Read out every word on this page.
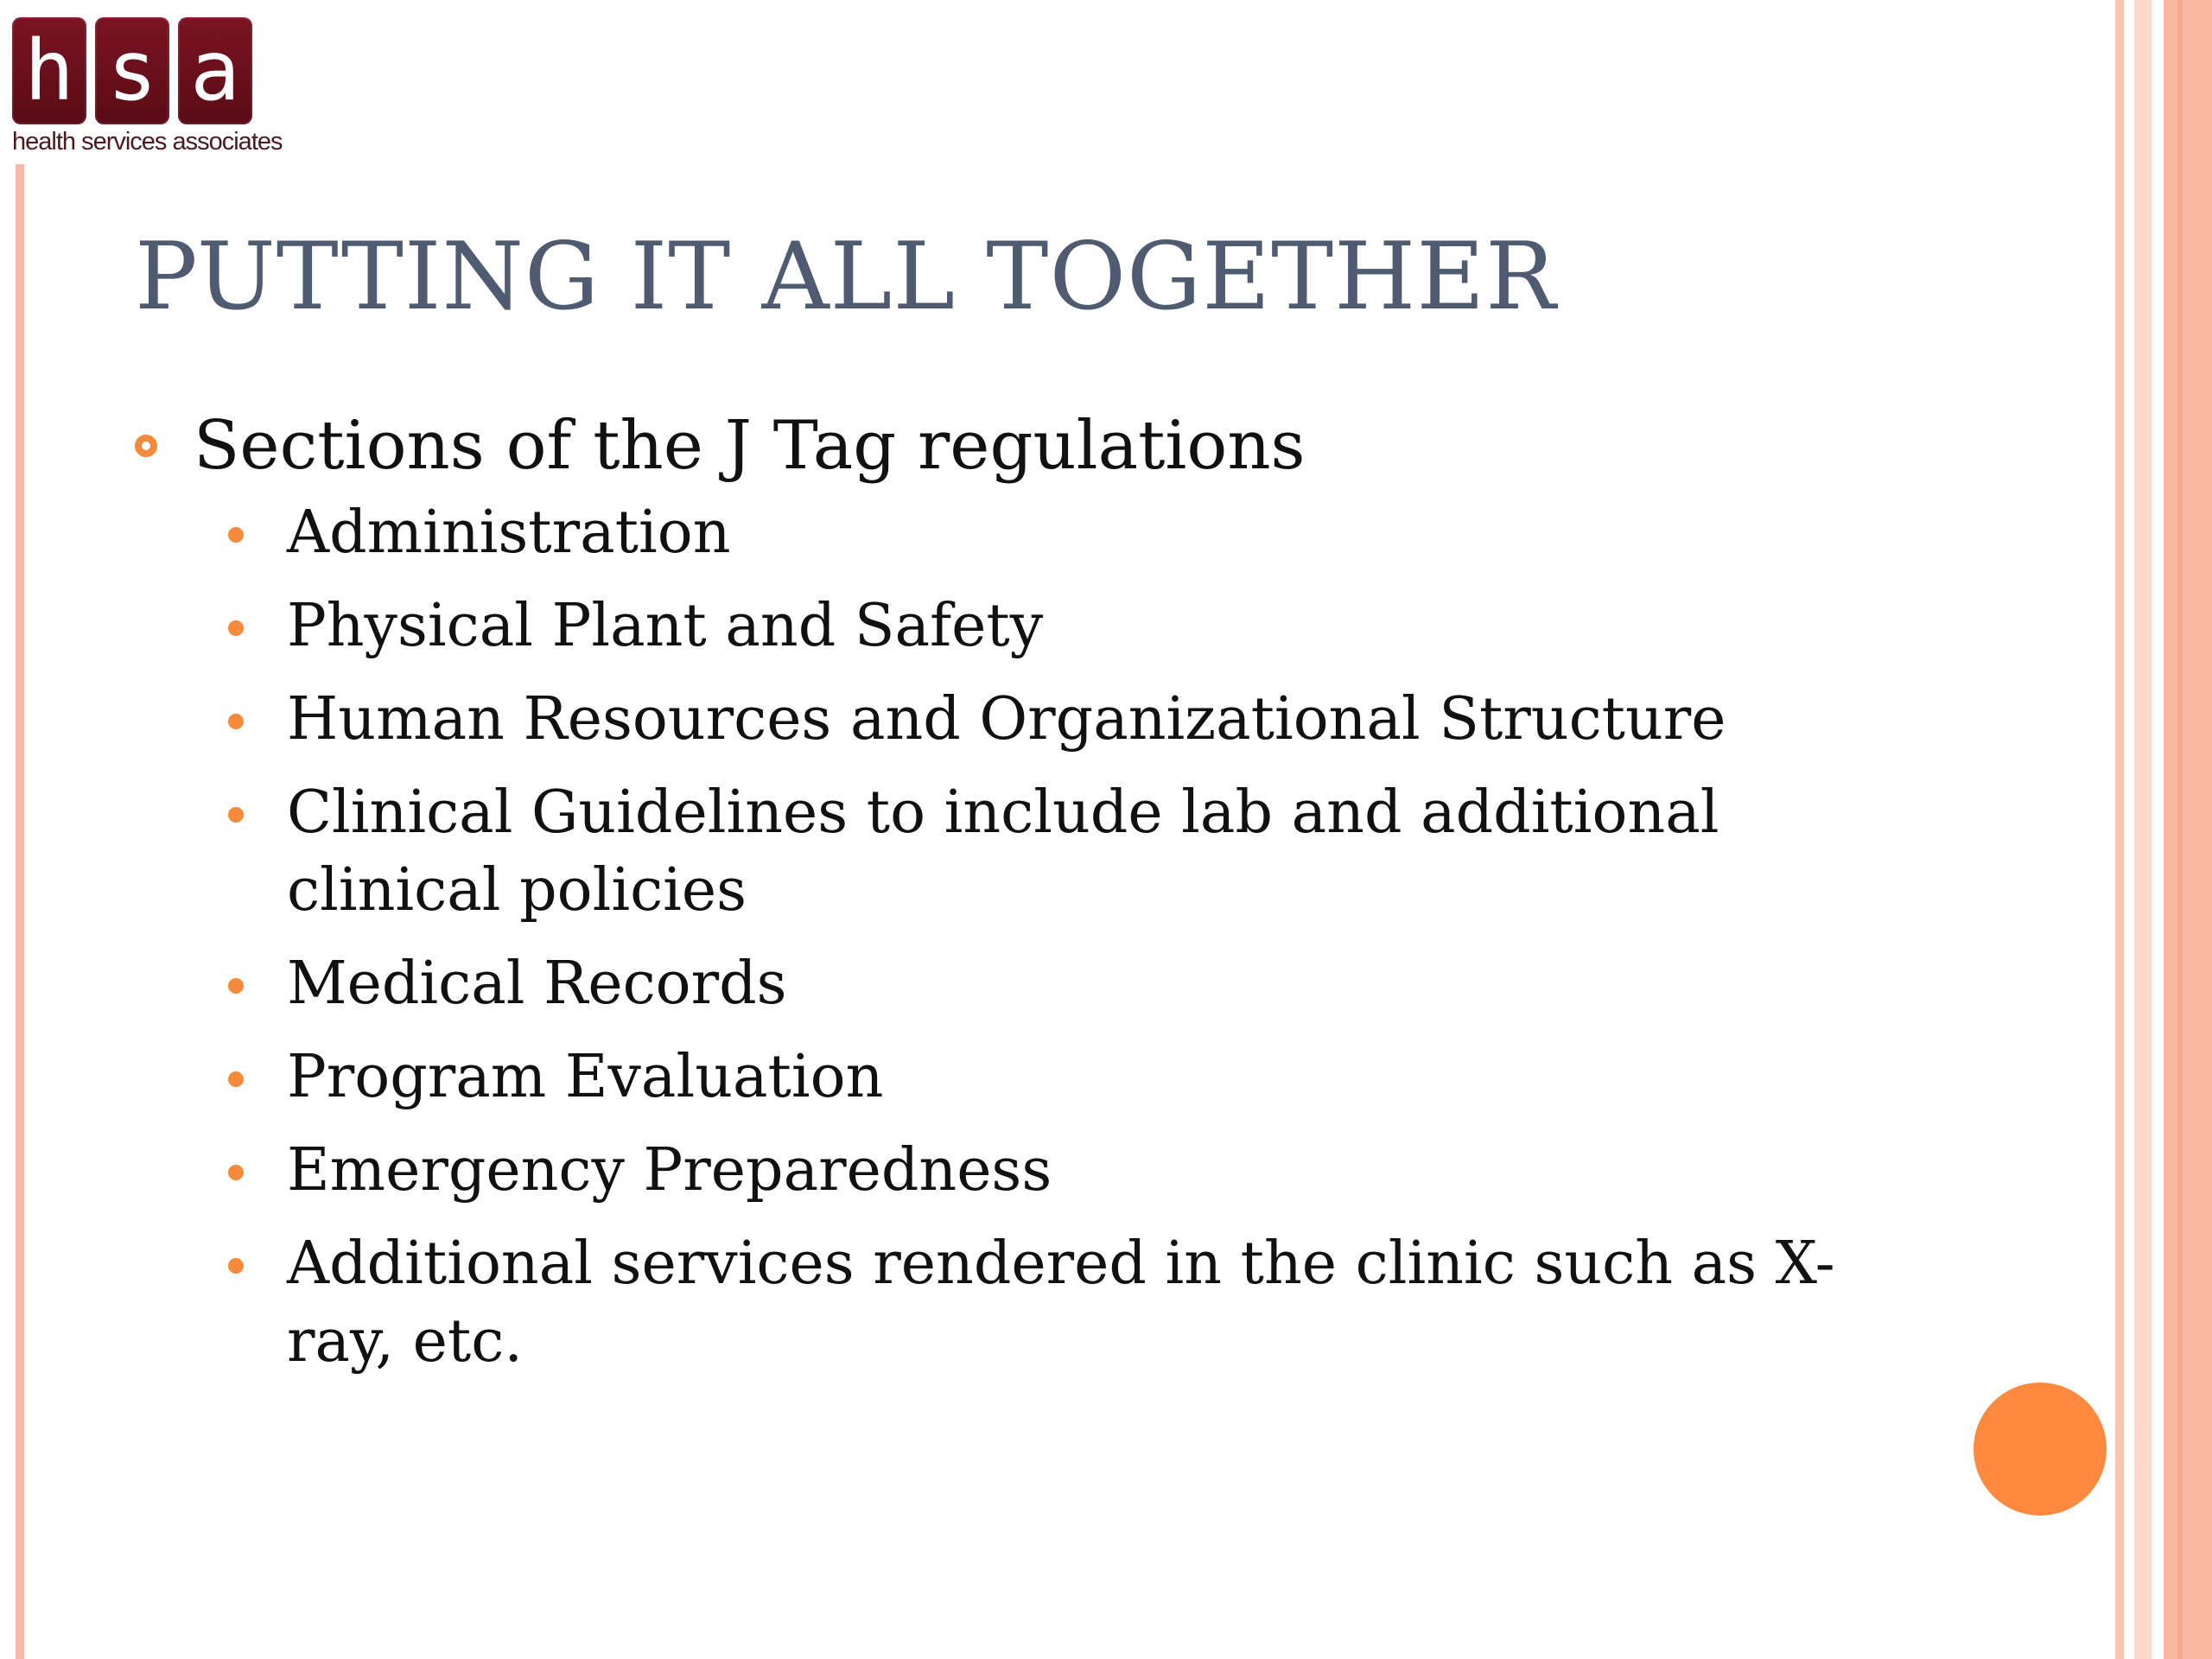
h s a
health services associates
PUTTING IT ALL TOGETHER
Sections of the J Tag regulations
Administration
Physical Plant and Safety
Human Resources and Organizational Structure
Clinical Guidelines to include lab and additional clinical policies
Medical Records
Program Evaluation
Emergency Preparedness
Additional services rendered in the clinic such as X-ray, etc.
